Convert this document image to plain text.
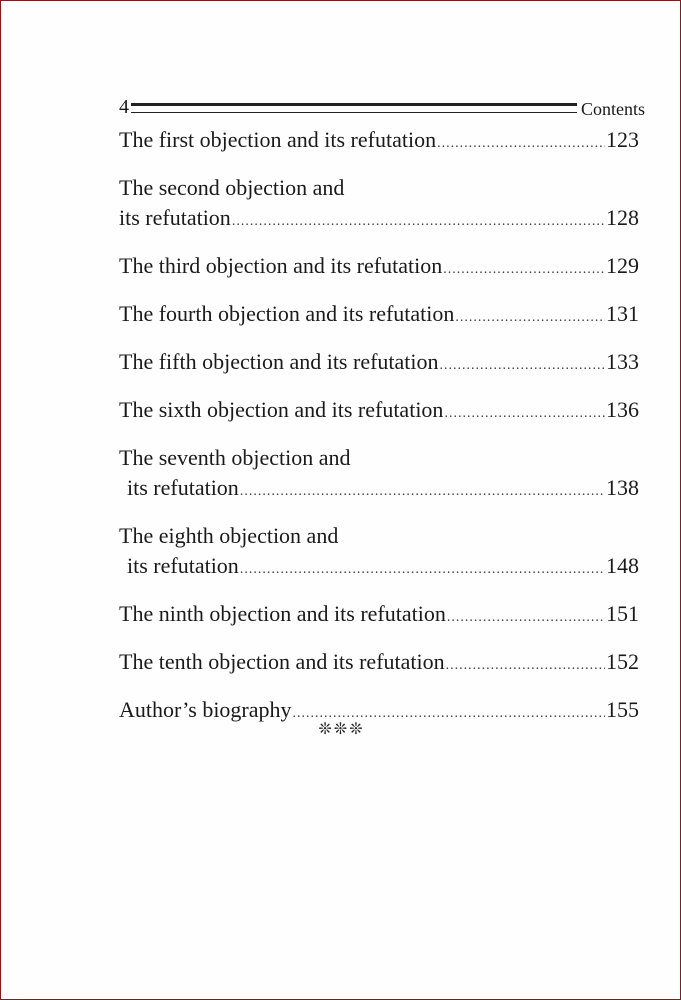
4	Contents
The first objection and its refutation .....	123
The second objection and
its refutation .....	128
The third objection and its refutation .....	129
The fourth objection and its refutation .....	131
The fifth objection and its refutation .....	133
The sixth objection and its refutation .....	136
The seventh objection and
its refutation .....	138
The eighth objection and
its refutation .....	148
The ninth objection and its refutation .....	151
The tenth objection and its refutation .....	152
Author’s biography .....	155
❊❊❊
